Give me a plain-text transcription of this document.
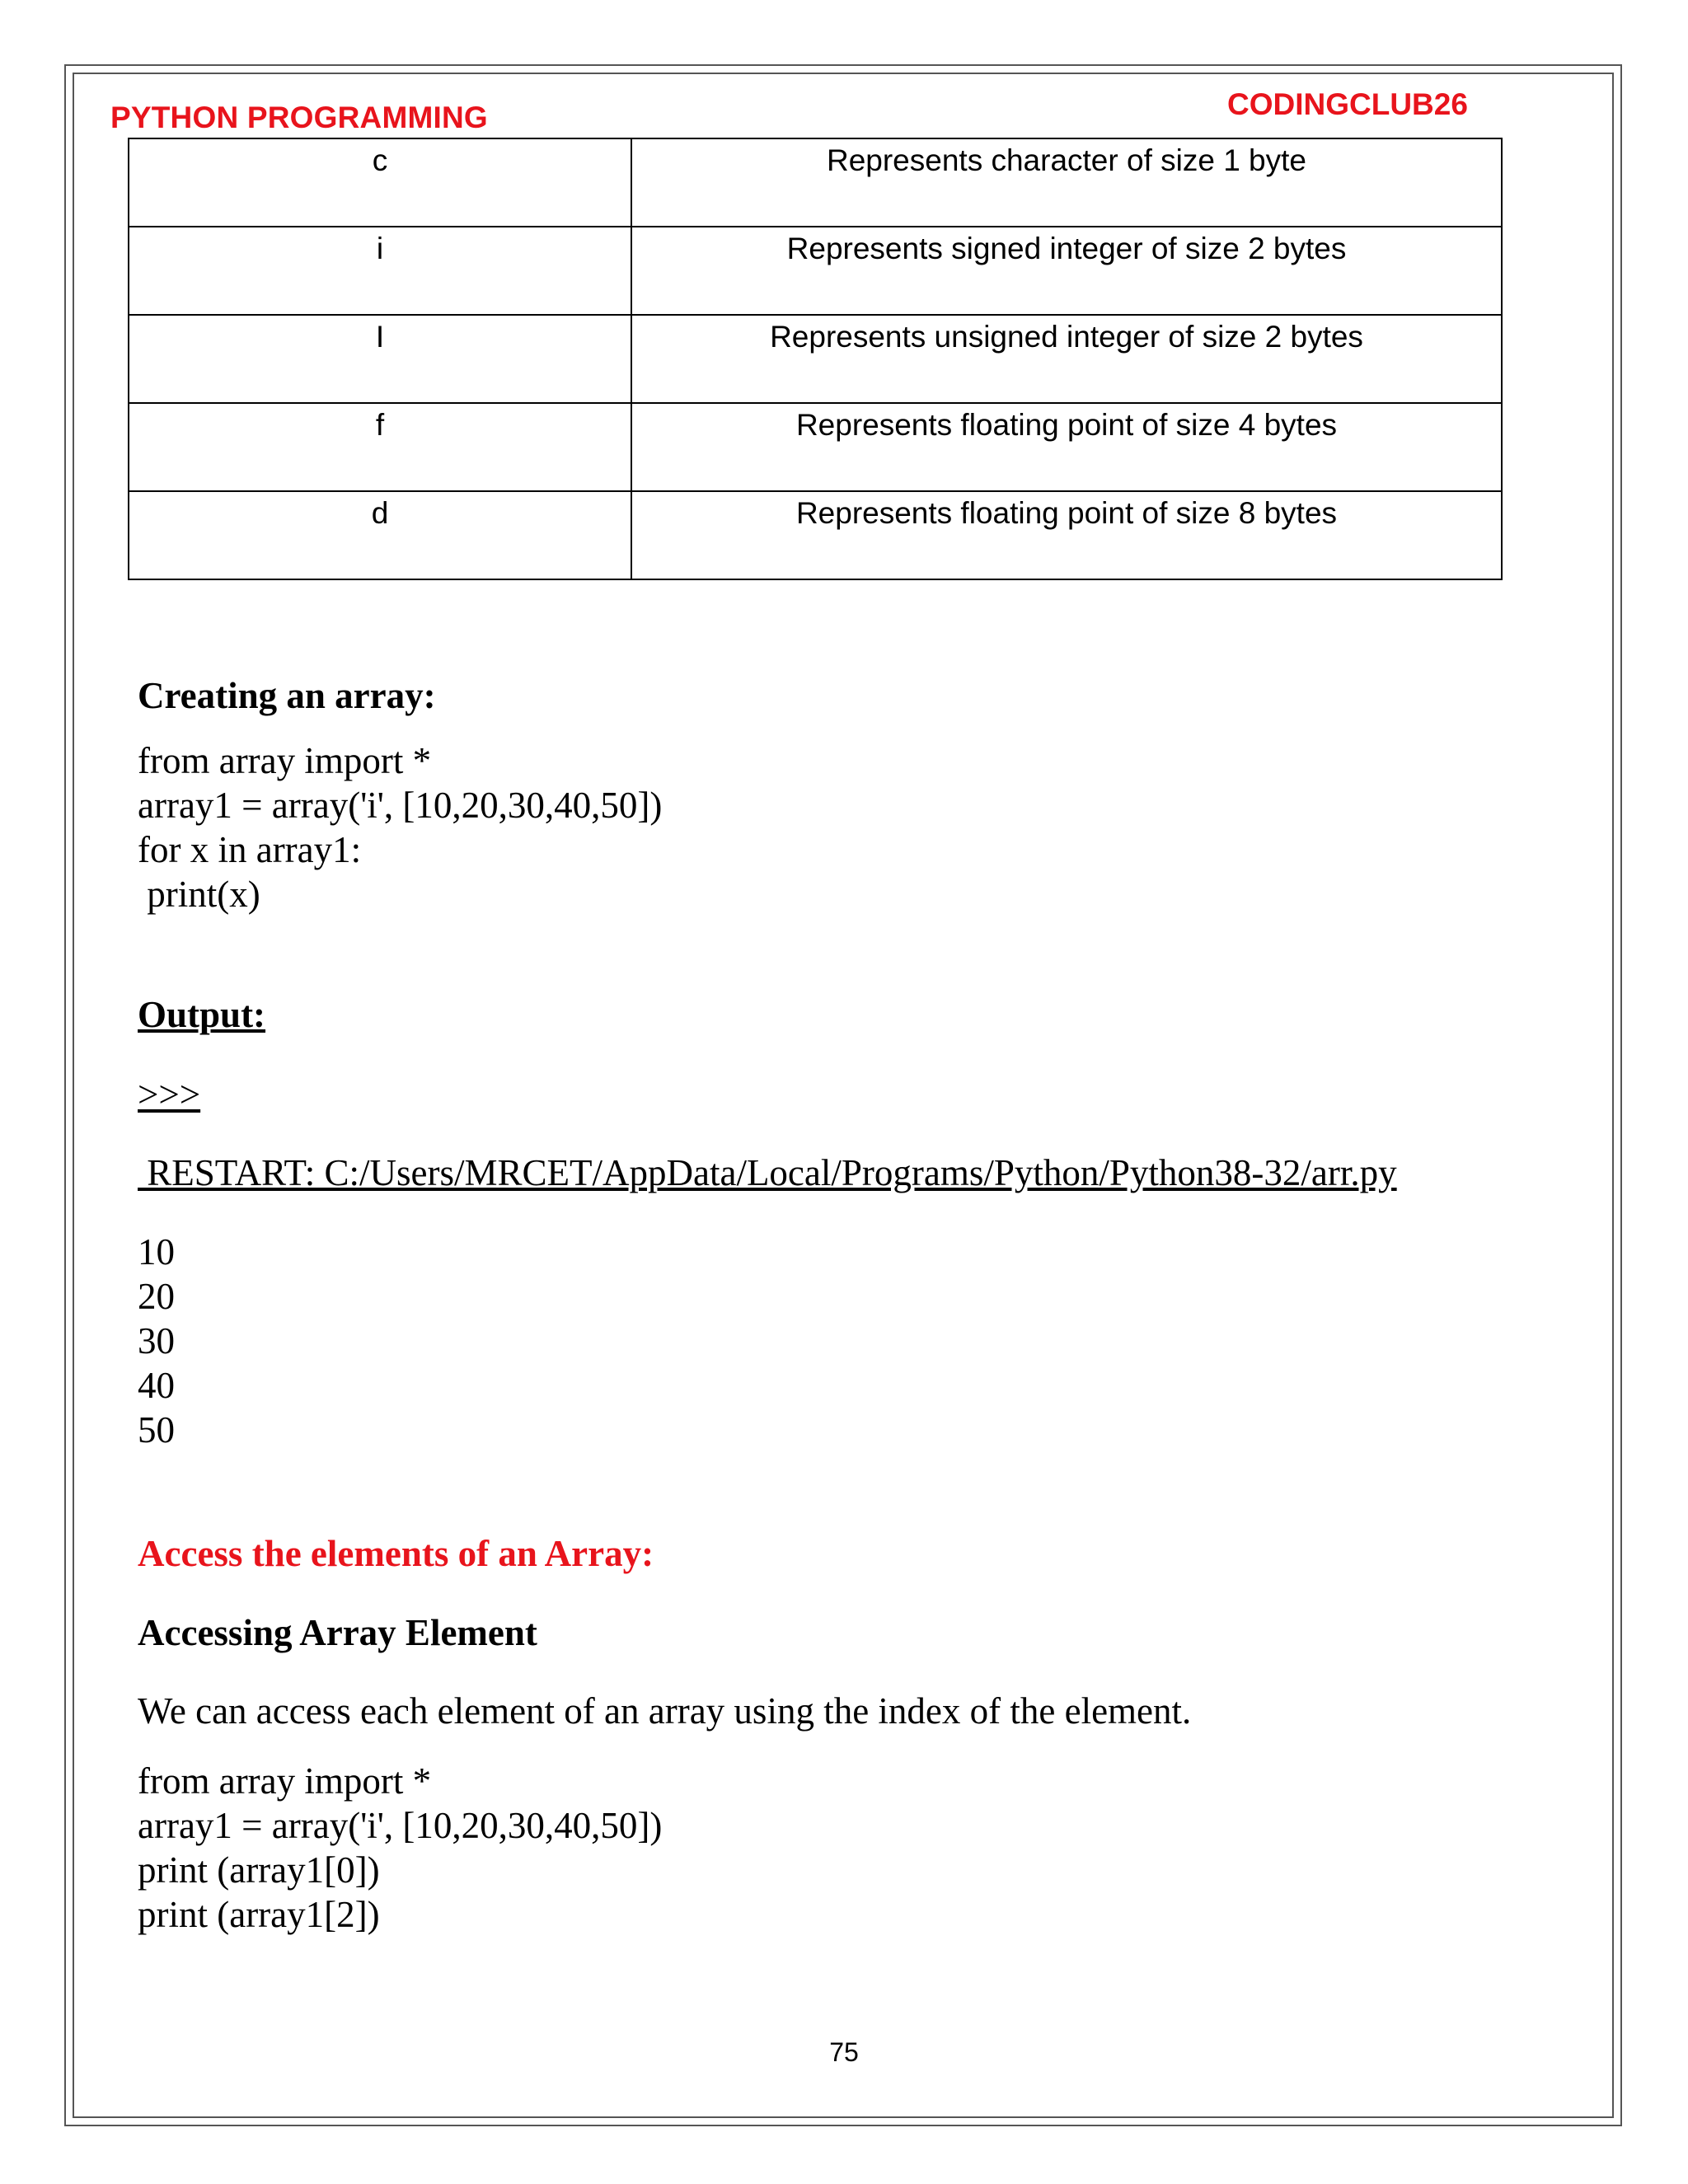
PYTHON PROGRAMMING	CODINGCLUB26
c	Represents character of size 1 byte
i	Represents signed integer of size 2 bytes
I	Represents unsigned integer of size 2 bytes
f	Represents floating point of size 4 bytes
d	Represents floating point of size 8 bytes
Creating an array:
from array import *
array1 = array('i', [10,20,30,40,50])
for x in array1:
print(x)
Output:
>>>
RESTART: C:/Users/MRCET/AppData/Local/Programs/Python/Python38-32/arr.py
10
20
30
40
50
Access the elements of an Array:
Accessing Array Element
We can access each element of an array using the index of the element.
from array import *
array1 = array('i', [10,20,30,40,50])
print (array1[0])
print (array1[2])
75
